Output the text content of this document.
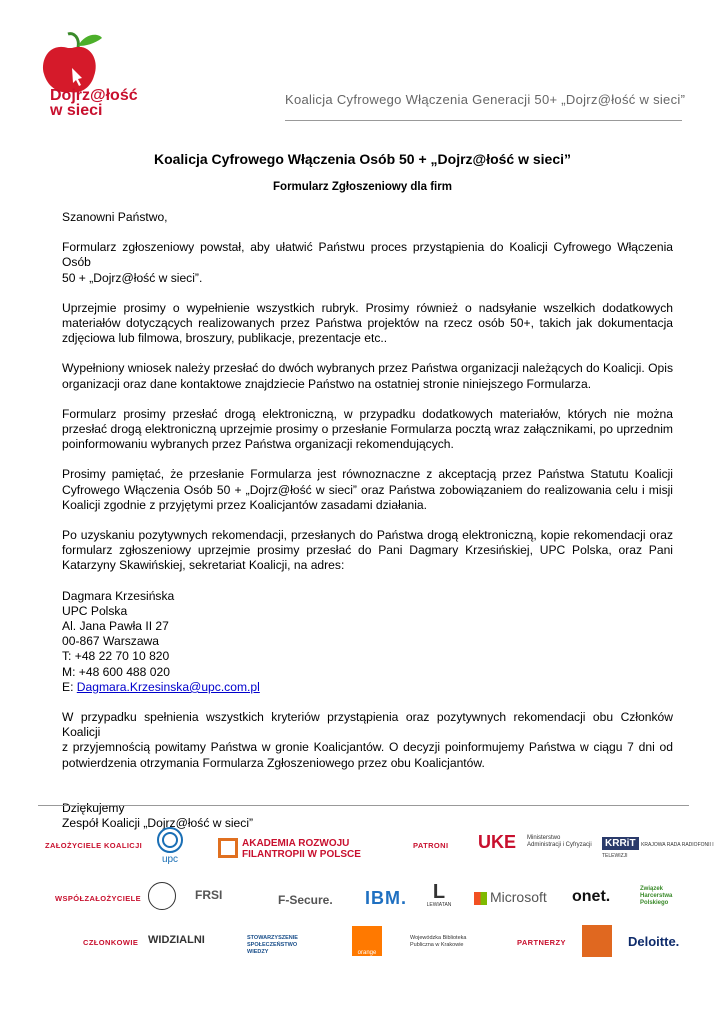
Dojrz@łość
w sieci
Koalicja Cyfrowego Włączenia Generacji 50+ „Dojrz@łość w sieci”
Koalicja Cyfrowego Włączenia Osób 50 + „Dojrz@łość w sieci”
Formularz Zgłoszeniowy dla firm

Szanowni Państwo,

Formularz zgłoszeniowy powstał, aby ułatwić Państwu proces przystąpienia do Koalicji Cyfrowego Włączenia Osób
50 + „Dojrz@łość w sieci”.

Uprzejmie prosimy o wypełnienie wszystkich rubryk. Prosimy również o nadsyłanie wszelkich dodatkowych materiałów dotyczących realizowanych przez Państwa projektów na rzecz osób 50+, takich jak dokumentacja zdjęciowa lub filmowa, broszury, publikacje, prezentacje etc..

Wypełniony wniosek należy przesłać do dwóch wybranych przez Państwa organizacji należących do Koalicji. Opis organizacji oraz dane kontaktowe znajdziecie Państwo na ostatniej stronie niniejszego Formularza.

Formularz prosimy przesłać drogą elektroniczną, w przypadku dodatkowych materiałów, których nie można przesłać drogą elektroniczną uprzejmie prosimy o przesłanie Formularza pocztą wraz załącznikami, po uprzednim poinformowaniu wybranych przez Państwa organizacji rekomendujących.

Prosimy pamiętać, że przesłanie Formularza jest równoznaczne z akceptacją przez Państwa Statutu Koalicji Cyfrowego Włączenia Osób 50 + „Dojrz@łość w sieci” oraz Państwa zobowiązaniem do realizowania celu i misji Koalicji zgodnie z przyjętymi przez Koalicjantów zasadami działania.

Po uzyskaniu pozytywnych rekomendacji, przesłanych do Państwa drogą elektroniczną, kopie rekomendacji oraz formularz zgłoszeniowy uprzejmie prosimy przesłać do Pani Dagmary Krzesińskiej, UPC Polska, oraz Pani Katarzyny Skawińskiej, sekretariat Koalicji, na adres:

Dagmara Krzesińska
UPC Polska
Al. Jana Pawła II 27
00-867 Warszawa
T: +48 22 70 10 820
M: +48 600 488 020
E: Dagmara.Krzesinska@upc.com.pl

W przypadku spełnienia wszystkich kryteriów przystąpienia oraz pozytywnych rekomendacji obu Członków Koalicji
z przyjemnością powitamy Państwa w gronie Koalicjantów. O decyzji poinformujemy Państwa w ciągu 7 dni od potwierdzenia otrzymania Formularza Zgłoszeniowego przez obu Koalicjantów.

Dziękujemy
Zespół Koalicji „Dojrz@łość w sieci”
ZAŁOŻYCIELE KOALICJI
upc
AKADEMIA ROZWOJU
FILANTROPII W POLSCE
PATRONI UKE Ministerstwo Administracji i Cyfryzacji	KRRiT KRAJOWA RADA RADIOFONII I TELEWIZJI
WSPÓŁZAŁOŻYCIELE	FRSI	F-Secure. IBM.	L
LEWIATAN	Microsoft onet.	Związek Harcerstwa Polskiego
CZŁONKOWIE WIDZIALNI	STOWARZYSZENIE SPOŁECZEŃSTWO WIEDZY	orange
Wojewódzka Biblioteka Publiczna w Krakowie	PARTNERZY	Deloitte.
